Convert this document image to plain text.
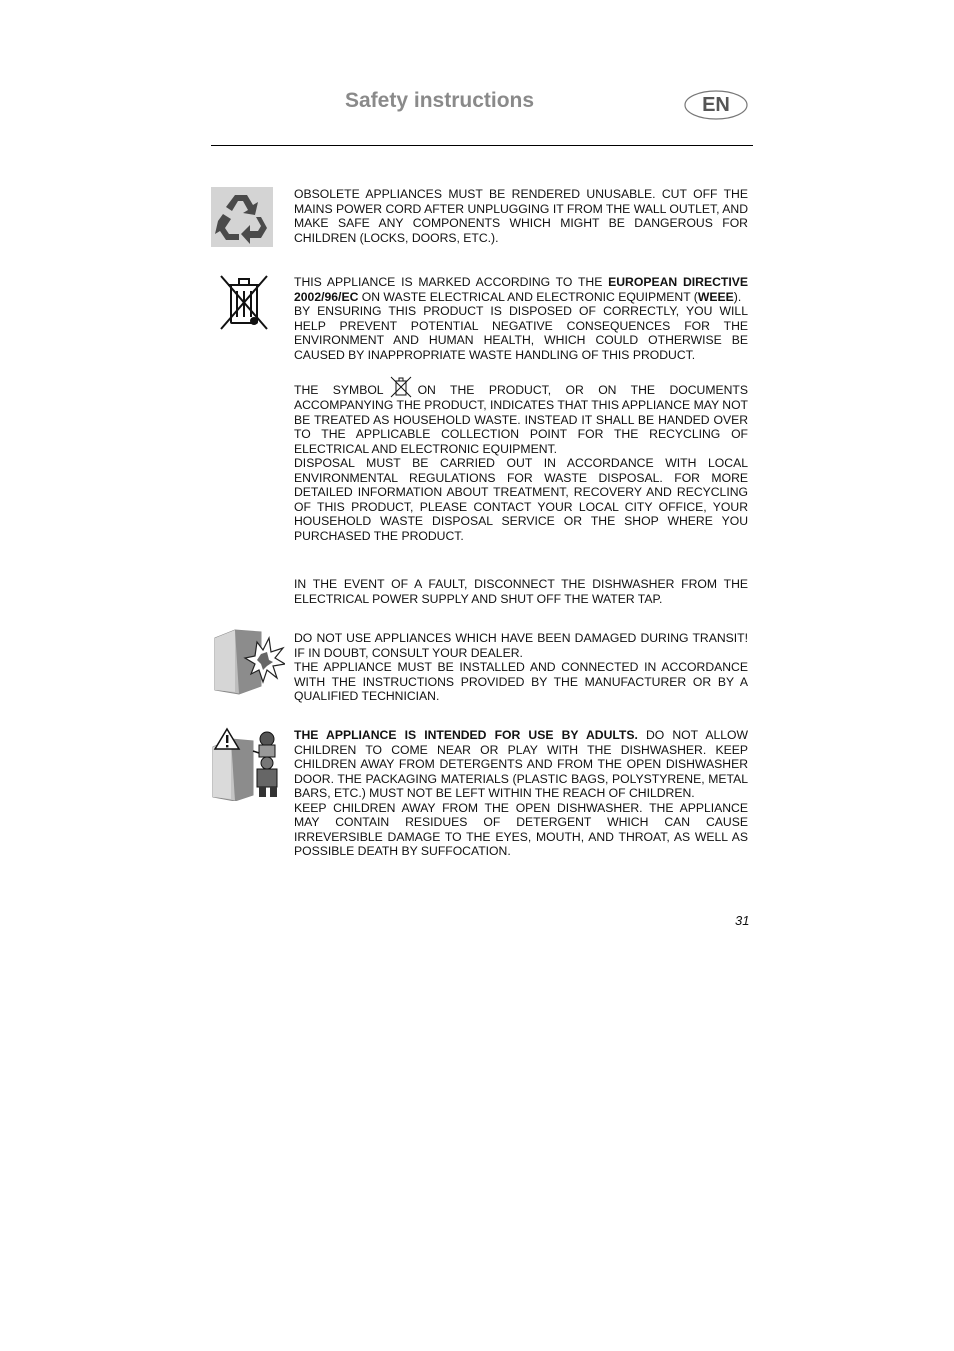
Safety instructions	EN

OBSOLETE APPLIANCES MUST BE RENDERED UNUSABLE. CUT OFF THE MAINS POWER CORD AFTER UNPLUGGING IT FROM THE WALL OUTLET, AND MAKE SAFE ANY COMPONENTS WHICH MIGHT BE DANGEROUS FOR CHILDREN (LOCKS, DOORS, ETC.).

THIS APPLIANCE IS MARKED ACCORDING TO THE EUROPEAN DIRECTIVE 2002/96/EC ON WASTE ELECTRICAL AND ELECTRONIC EQUIPMENT (WEEE).

BY ENSURING THIS PRODUCT IS DISPOSED OF CORRECTLY, YOU WILL HELP PREVENT POTENTIAL NEGATIVE CONSEQUENCES FOR THE ENVIRONMENT AND HUMAN HEALTH, WHICH COULD OTHERWISE BE CAUSED BY INAPPROPRIATE WASTE HANDLING OF THIS PRODUCT.

THE SYMBOL	ON THE PRODUCT, OR ON THE DOCUMENTS ACCOMPANYING THE PRODUCT, INDICATES THAT THIS APPLIANCE MAY NOT BE TREATED AS HOUSEHOLD WASTE. INSTEAD IT SHALL BE HANDED OVER TO THE APPLICABLE COLLECTION POINT FOR THE RECYCLING OF ELECTRICAL AND ELECTRONIC EQUIPMENT.

DISPOSAL MUST BE CARRIED OUT IN ACCORDANCE WITH LOCAL ENVIRONMENTAL REGULATIONS FOR WASTE DISPOSAL. FOR MORE DETAILED INFORMATION ABOUT TREATMENT, RECOVERY AND RECYCLING OF THIS PRODUCT, PLEASE CONTACT YOUR LOCAL CITY OFFICE, YOUR HOUSEHOLD WASTE DISPOSAL SERVICE OR THE SHOP WHERE YOU PURCHASED THE PRODUCT.

IN THE EVENT OF A FAULT, DISCONNECT THE DISHWASHER FROM THE ELECTRICAL POWER SUPPLY AND SHUT OFF THE WATER TAP.

DO NOT USE APPLIANCES WHICH HAVE BEEN DAMAGED DURING TRANSIT! IF IN DOUBT, CONSULT YOUR DEALER.

THE APPLIANCE MUST BE INSTALLED AND CONNECTED IN ACCORDANCE WITH THE INSTRUCTIONS PROVIDED BY THE MANUFACTURER OR BY A QUALIFIED TECHNICIAN.

THE APPLIANCE IS INTENDED FOR USE BY ADULTS. DO NOT ALLOW CHILDREN TO COME NEAR OR PLAY WITH THE DISHWASHER. KEEP CHILDREN AWAY FROM DETERGENTS AND FROM THE OPEN DISHWASHER DOOR. THE PACKAGING MATERIALS (PLASTIC BAGS, POLYSTYRENE, METAL BARS, ETC.) MUST NOT BE LEFT WITHIN THE REACH OF CHILDREN.

KEEP CHILDREN AWAY FROM THE OPEN DISHWASHER. THE APPLIANCE MAY CONTAIN RESIDUES OF DETERGENT WHICH CAN CAUSE IRREVERSIBLE DAMAGE TO THE EYES, MOUTH, AND THROAT, AS WELL AS POSSIBLE DEATH BY SUFFOCATION.

31
